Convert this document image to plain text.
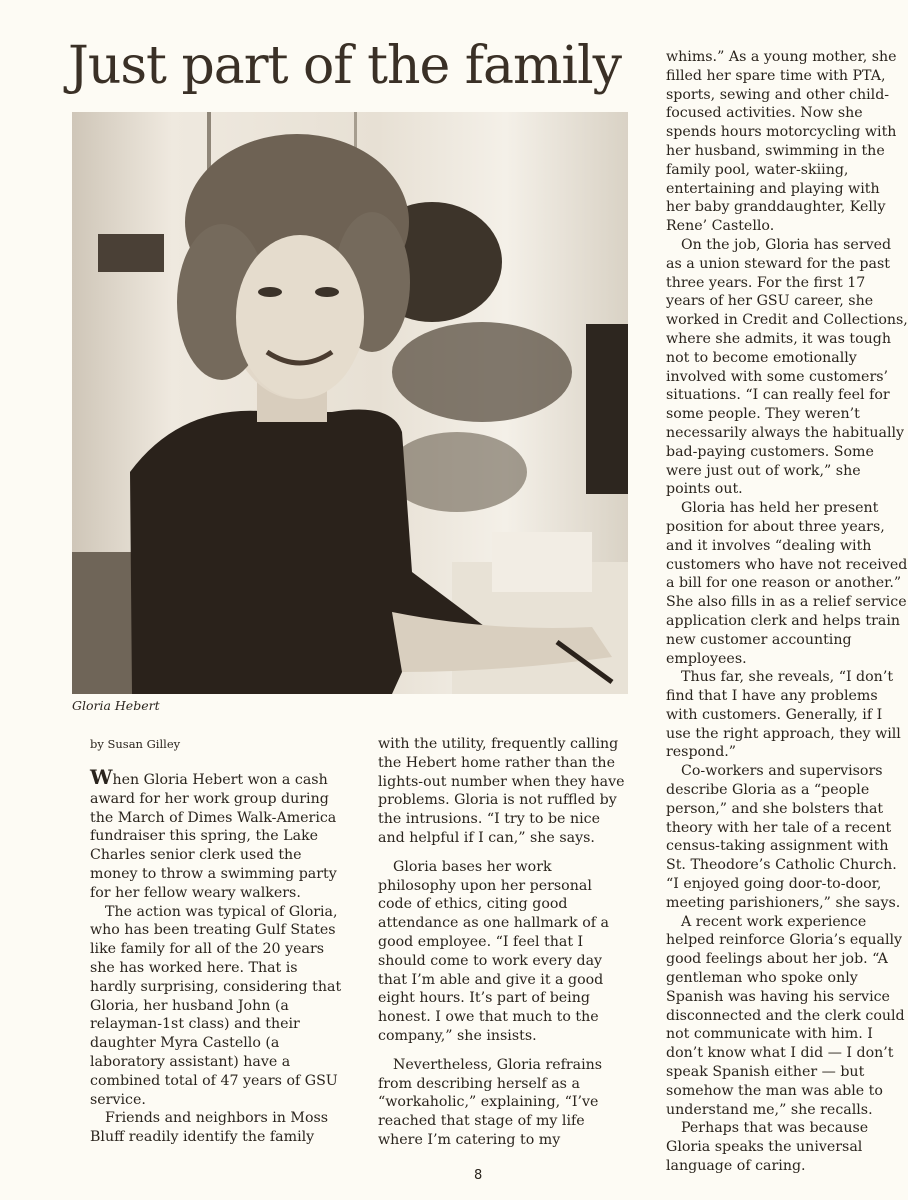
Just part of the family
Gloria Hebert
by Susan Gilley

When Gloria Hebert won a cash award for her work group during the March of Dimes Walk-America fundraiser this spring, the Lake Charles senior clerk used the money to throw a swimming party for her fellow weary walkers.

The action was typical of Gloria, who has been treating Gulf States like family for all of the 20 years she has worked here. That is hardly surprising, considering that Gloria, her husband John (a relayman-1st class) and their daughter Myra Castello (a laboratory assistant) have a combined total of 47 years of GSU service.

Friends and neighbors in Moss Bluff readily identify the family

with the utility, frequently calling the Hebert home rather than the lights-out number when they have problems. Gloria is not ruffled by the intrusions. “I try to be nice and helpful if I can,” she says.

Gloria bases her work philosophy upon her personal code of ethics, citing good attendance as one hallmark of a good employee. “I feel that I should come to work every day that I’m able and give it a good eight hours. It’s part of being honest. I owe that much to the company,” she insists.

Nevertheless, Gloria refrains from describing herself as a “workaholic,” explaining, “I’ve reached that stage of my life where I’m catering to my

whims.” As a young mother, she filled her spare time with PTA, sports, sewing and other child-focused activities. Now she spends hours motorcycling with her husband, swimming in the family pool, water-skiing, entertaining and playing with her baby granddaughter, Kelly Rene’ Castello.

On the job, Gloria has served as a union steward for the past three years. For the first 17 years of her GSU career, she worked in Credit and Collections, where she admits, it was tough not to become emotionally involved with some customers’ situations. “I can really feel for some people. They weren’t necessarily always the habitually bad-paying customers. Some were just out of work,” she points out.

Gloria has held her present position for about three years, and it involves “dealing with customers who have not received a bill for one reason or another.” She also fills in as a relief service application clerk and helps train new customer accounting employees.

Thus far, she reveals, “I don’t find that I have any problems with customers. Generally, if I use the right approach, they will respond.”

Co-workers and supervisors describe Gloria as a “people person,” and she bolsters that theory with her tale of a recent census-taking assignment with St. Theodore’s Catholic Church. “I enjoyed going door-to-door, meeting parishioners,” she says.

A recent work experience helped reinforce Gloria’s equally good feelings about her job. “A gentleman who spoke only Spanish was having his service disconnected and the clerk could not communicate with him. I don’t know what I did — I don’t speak Spanish either — but somehow the man was able to understand me,” she recalls.

Perhaps that was because Gloria speaks the universal language of caring.

8
